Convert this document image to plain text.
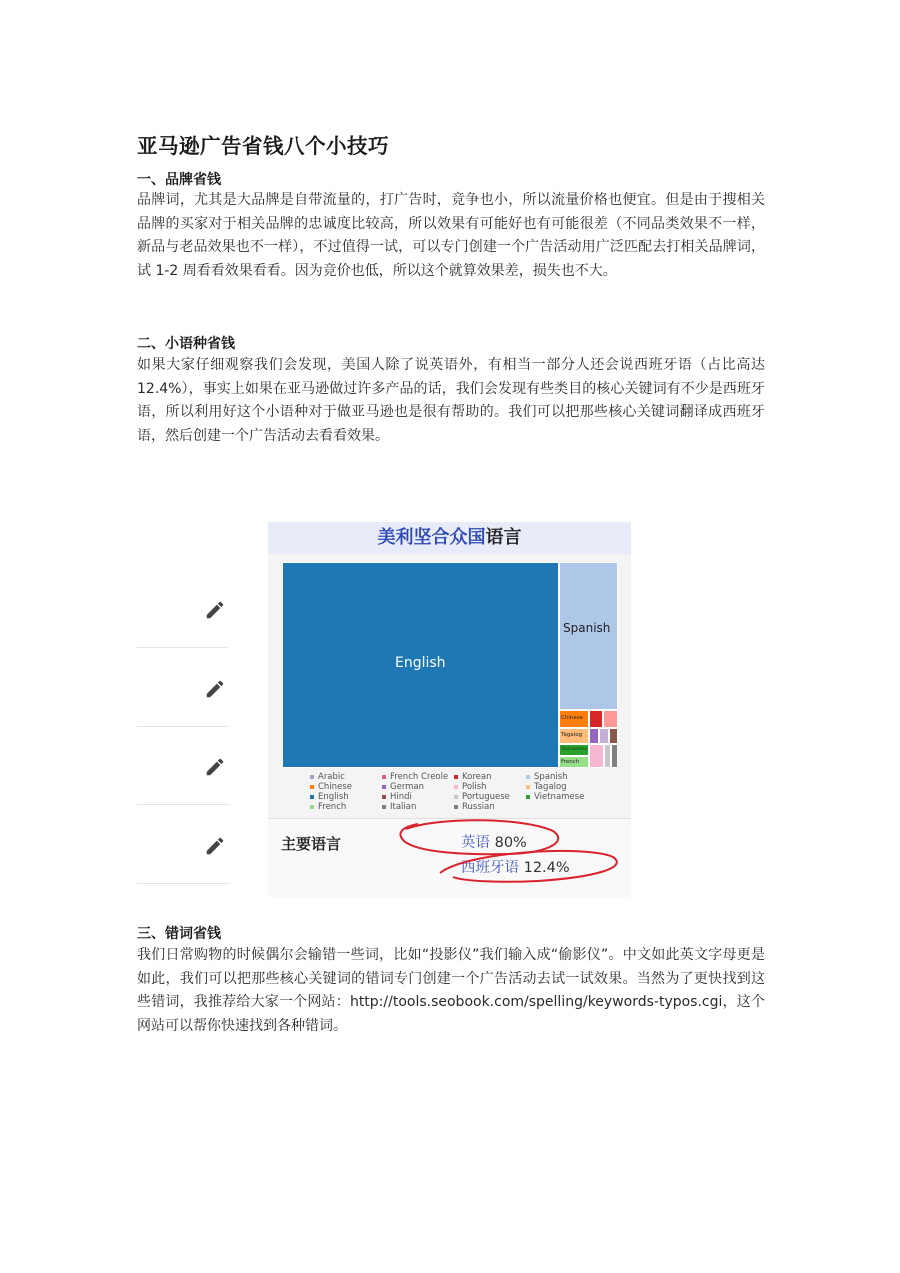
亚马逊广告省钱八个小技巧
一、品牌省钱

品牌词，尤其是大品牌是自带流量的，打广告时，竞争也小，所以流量价格也便宜。但是由于搜相关品牌的买家对于相关品牌的忠诚度比较高，所以效果有可能好也有可能很差（不同品类效果不一样，新品与老品效果也不一样），不过值得一试，可以专门创建一个广告活动用广泛匹配去打相关品牌词，试 1-2 周看看效果看看。因为竞价也低，所以这个就算效果差，损失也不大。

二、小语种省钱

如果大家仔细观察我们会发现，美国人除了说英语外，有相当一部分人还会说西班牙语（占比高达 12.4%），事实上如果在亚马逊做过许多产品的话，我们会发现有些类目的核心关键词有不少是西班牙语，所以利用好这个小语种对于做亚马逊也是很有帮助的。我们可以把那些核心关键词翻译成西班牙语，然后创建一个广告活动去看看效果。

三、错词省钱

我们日常购物的时候偶尔会输错一些词，比如“投影仪”我们输入成“偷影仪”。中文如此英文字母更是如此，我们可以把那些核心关键词的错词专门创建一个广告活动去试一试效果。当然为了更快找到这些错词，我推荐给大家一个网站：http://tools.seobook.com/spelling/keywords-typos.cgi，这个网站可以帮你快速找到各种错词。

美利坚合众国语言
English
Spanish
Chinese
Tagalog
Vietnamese
French
Arabic	French Creole	Korean	Spanish
Chinese	German	Polish	Tagalog
English	Hindi	Portuguese	Vietnamese
French	Italian	Russian
主要语言	英语 80%
西班牙语 12.4%
